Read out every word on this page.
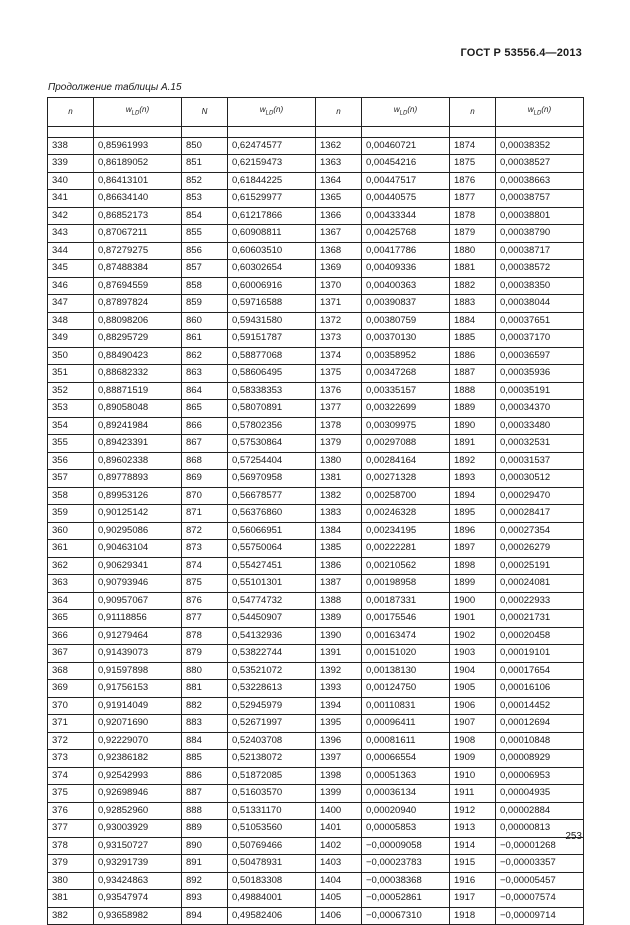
ГОСТ Р 53556.4—2013
Продолжение таблицы А.15
n	$w_{LD}(n)$	N	$w_{LD}(n)$	n	$w_{LD}(n)$	n	$w_{LD}(n)$

338	0,85961993	850	0,62474577	1362	0,00460721	1874	0,00038352
339	0,86189052	851	0,62159473	1363	0,00454216	1875	0,00038527
340	0,86413101	852	0,61844225	1364	0,00447517	1876	0,00038663
341	0,86634140	853	0,61529977	1365	0,00440575	1877	0,00038757
342	0,86852173	854	0,61217866	1366	0,00433344	1878	0,00038801
343	0,87067211	855	0,60908811	1367	0,00425768	1879	0,00038790
344	0,87279275	856	0,60603510	1368	0,00417786	1880	0,00038717
345	0,87488384	857	0,60302654	1369	0,00409336	1881	0,00038572
346	0,87694559	858	0,60006916	1370	0,00400363	1882	0,00038350
347	0,87897824	859	0,59716588	1371	0,00390837	1883	0,00038044
348	0,88098206	860	0,59431580	1372	0,00380759	1884	0,00037651
349	0,88295729	861	0,59151787	1373	0,00370130	1885	0,00037170
350	0,88490423	862	0,58877068	1374	0,00358952	1886	0,00036597
351	0,88682332	863	0,58606495	1375	0,00347268	1887	0,00035936
352	0,88871519	864	0,58338353	1376	0,00335157	1888	0,00035191
353	0,89058048	865	0,58070891	1377	0,00322699	1889	0,00034370
354	0,89241984	866	0,57802356	1378	0,00309975	1890	0,00033480
355	0,89423391	867	0,57530864	1379	0,00297088	1891	0,00032531
356	0,89602338	868	0,57254404	1380	0,00284164	1892	0,00031537
357	0,89778893	869	0,56970958	1381	0,00271328	1893	0,00030512
358	0,89953126	870	0,56678577	1382	0,00258700	1894	0,00029470
359	0,90125142	871	0,56376860	1383	0,00246328	1895	0,00028417
360	0,90295086	872	0,56066951	1384	0,00234195	1896	0,00027354
361	0,90463104	873	0,55750064	1385	0,00222281	1897	0,00026279
362	0,90629341	874	0,55427451	1386	0,00210562	1898	0,00025191
363	0,90793946	875	0,55101301	1387	0,00198958	1899	0,00024081
364	0,90957067	876	0,54774732	1388	0,00187331	1900	0,00022933
365	0,91118856	877	0,54450907	1389	0,00175546	1901	0,00021731
366	0,91279464	878	0,54132936	1390	0,00163474	1902	0,00020458
367	0,91439073	879	0,53822744	1391	0,00151020	1903	0,00019101
368	0,91597898	880	0,53521072	1392	0,00138130	1904	0,00017654
369	0,91756153	881	0,53228613	1393	0,00124750	1905	0,00016106
370	0,91914049	882	0,52945979	1394	0,00110831	1906	0,00014452
371	0,92071690	883	0,52671997	1395	0,00096411	1907	0,00012694
372	0,92229070	884	0,52403708	1396	0,00081611	1908	0,00010848
373	0,92386182	885	0,52138072	1397	0,00066554	1909	0,00008929
374	0,92542993	886	0,51872085	1398	0,00051363	1910	0,00006953
375	0,92698946	887	0,51603570	1399	0,00036134	1911	0,00004935
376	0,92852960	888	0,51331170	1400	0,00020940	1912	0,00002884
377	0,93003929	889	0,51053560	1401	0,00005853	1913	0,00000813
378	0,93150727	890	0,50769466	1402	−0,00009058	1914	−0,00001268
379	0,93291739	891	0,50478931	1403	−0,00023783	1915	−0,00003357
380	0,93424863	892	0,50183308	1404	−0,00038368	1916	−0,00005457
381	0,93547974	893	0,49884001	1405	−0,00052861	1917	−0,00007574
382	0,93658982	894	0,49582406	1406	−0,00067310	1918	−0,00009714
253
